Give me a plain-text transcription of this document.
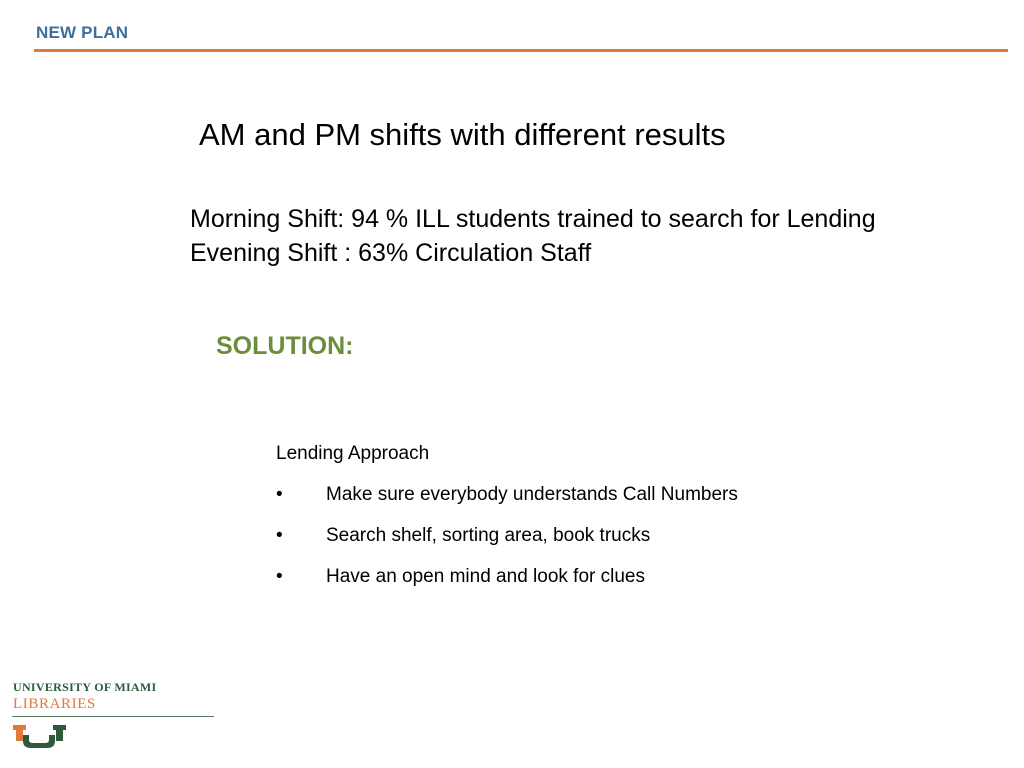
NEW PLAN
AM and PM shifts with different results
Morning Shift: 94 % ILL students trained to search for Lending
Evening Shift : 63% Circulation Staff
SOLUTION:
Lending Approach
•	Make sure everybody understands Call Numbers
•	Search shelf, sorting area, book trucks
•	Have an open mind and look for clues
UNIVERSITY OF MIAMI
LIBRARIES
